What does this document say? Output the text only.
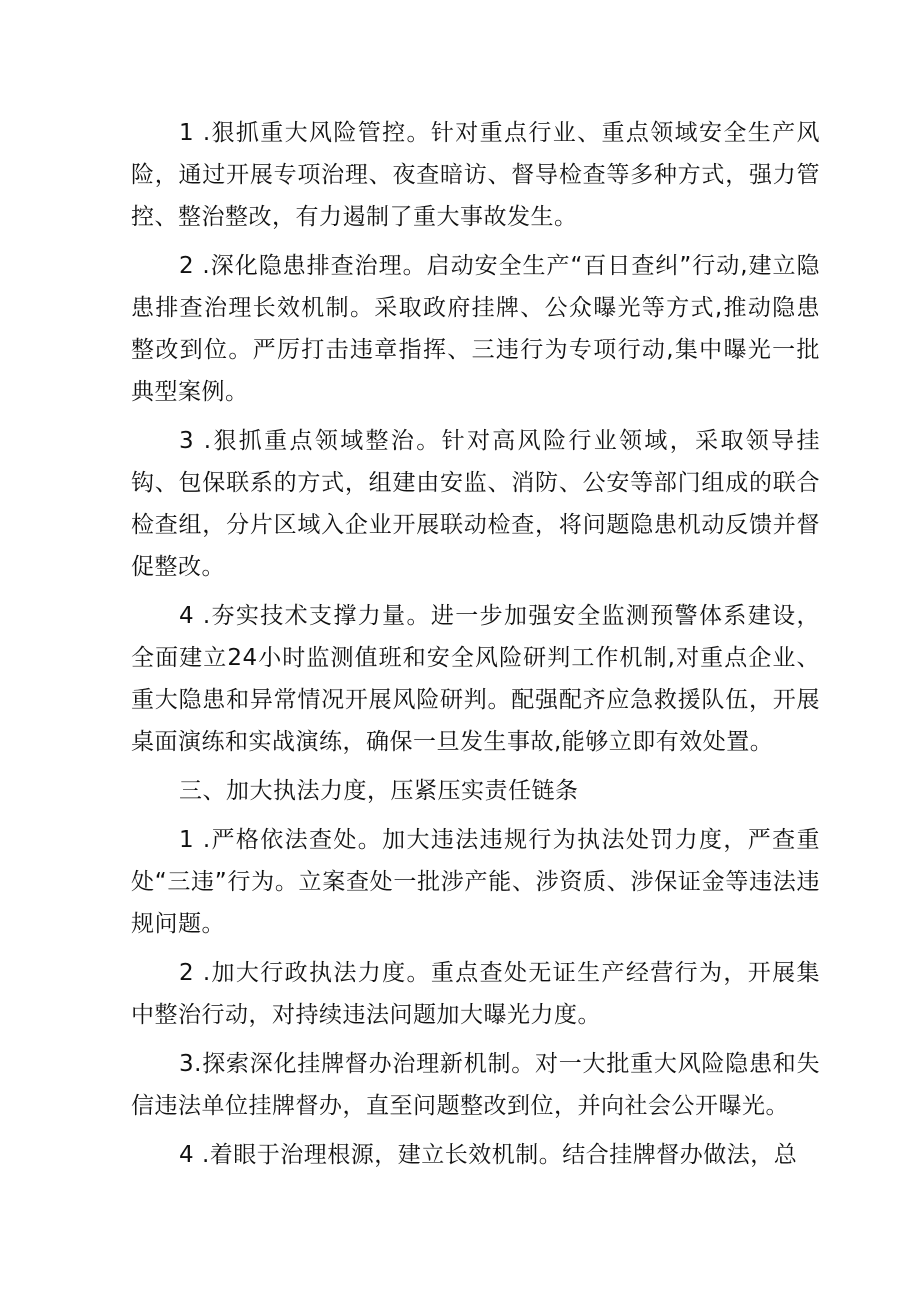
1 .狠抓重大风险管控。针对重点行业、重点领域安全生产风险，通过开展专项治理、夜查暗访、督导检查等多种方式，强力管控、整治整改，有力遏制了重大事故发生。

2 .深化隐患排查治理。启动安全生产“百日查纠”行动,建立隐患排查治理长效机制。采取政府挂牌、公众曝光等方式,推动隐患整改到位。严厉打击违章指挥、三违行为专项行动,集中曝光一批典型案例。

3 .狠抓重点领域整治。针对高风险行业领域，采取领导挂钩、包保联系的方式，组建由安监、消防、公安等部门组成的联合检查组，分片区域入企业开展联动检查，将问题隐患机动反馈并督促整改。

4 .夯实技术支撑力量。进一步加强安全监测预警体系建设，全面建立24小时监测值班和安全风险研判工作机制,对重点企业、重大隐患和异常情况开展风险研判。配强配齐应急救援队伍，开展桌面演练和实战演练，确保一旦发生事故,能够立即有效处置。

三、加大执法力度，压紧压实责任链条

1 .严格依法查处。加大违法违规行为执法处罚力度，严查重处“三违”行为。立案查处一批涉产能、涉资质、涉保证金等违法违规问题。

2 .加大行政执法力度。重点查处无证生产经营行为，开展集中整治行动，对持续违法问题加大曝光力度。

3.探索深化挂牌督办治理新机制。对一大批重大风险隐患和失信违法单位挂牌督办，直至问题整改到位，并向社会公开曝光。

4 .着眼于治理根源，建立长效机制。结合挂牌督办做法，总
